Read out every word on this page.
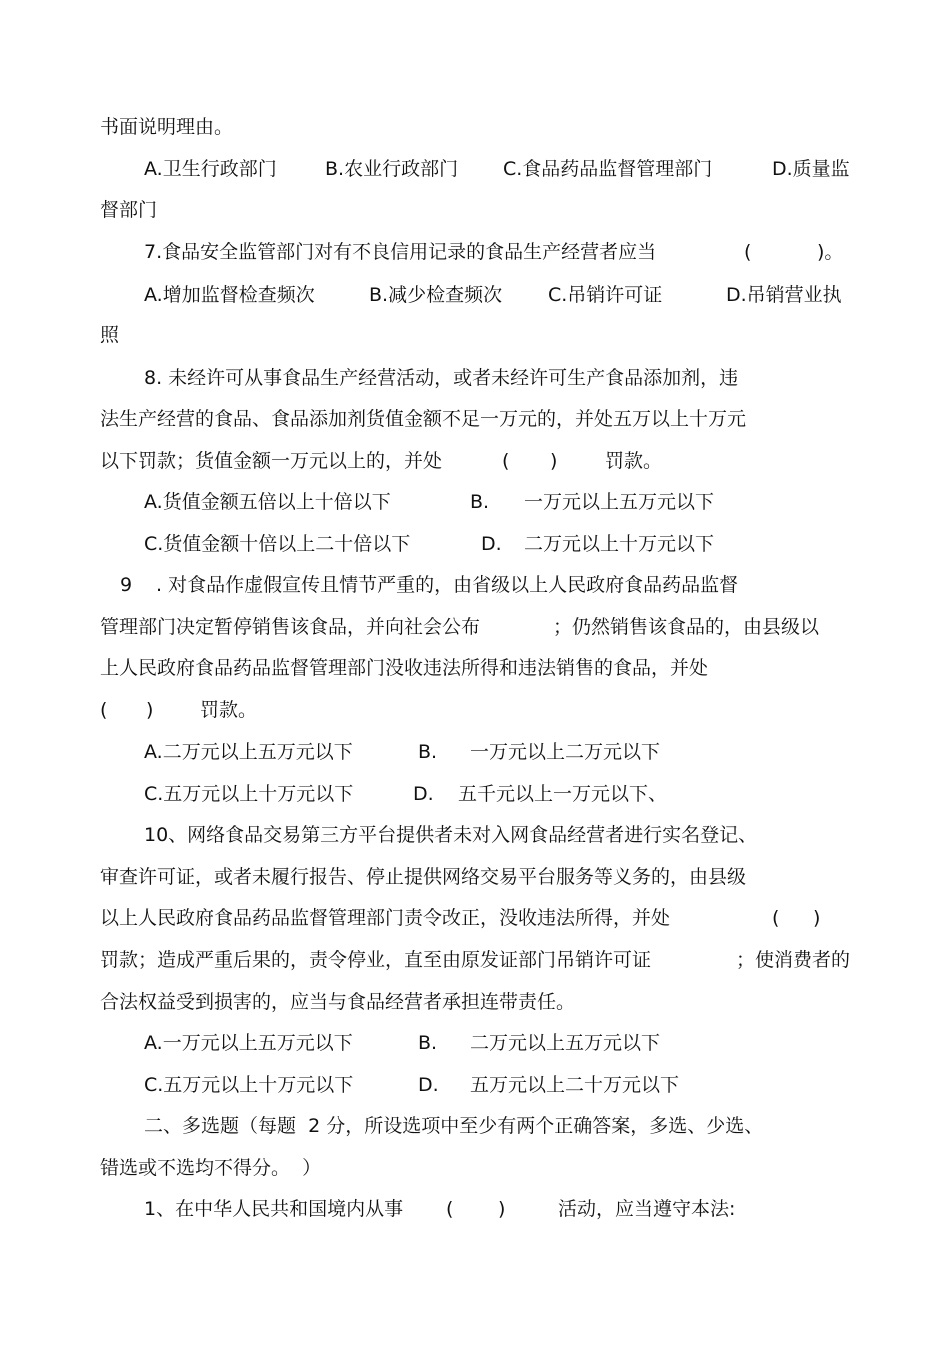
书面说明理由。
A.卫生行政部门	B.农业行政部门 C.食品药品监督管理部门	D.质量监
督部门
7.食品安全监管部门对有不良信用记录的食品生产经营者应当	(	)。
A.增加监督检查频次	B.减少检查频次 C.吊销许可证	D.吊销营业执
照
8. 未经许可从事食品生产经营活动，或者未经许可生产食品添加剂，违
法生产经营的食品、食品添加剂货值金额不足一万元的，并处五万以上十万元
以下罚款；货值金额一万元以上的，并处	( )	罚款。
A.货值金额五倍以上十倍以下	B. 一万元以上五万元以下
C.货值金额十倍以上二十倍以下	D. 二万元以上十万元以下
9 . 对食品作虚假宣传且情节严重的，由省级以上人民政府食品药品监督
管理部门决定暂停销售该食品，并向社会公布	；仍然销售该食品的，由县级以
上人民政府食品药品监督管理部门没收违法所得和违法销售的食品，并处
( ) 罚款。
A.二万元以上五万元以下	B. 一万元以上二万元以下
C.五万元以上十万元以下	D. 五千元以上一万元以下、
10、网络食品交易第三方平台提供者未对入网食品经营者进行实名登记、
审查许可证，或者未履行报告、停止提供网络交易平台服务等义务的，由县级
以上人民政府食品药品监督管理部门责令改正，没收违法所得，并处	( )
罚款；造成严重后果的，责令停业，直至由原发证部门吊销许可证	；使消费者的
合法权益受到损害的，应当与食品经营者承担连带责任。
A.一万元以上五万元以下	B. 二万元以上五万元以下
C.五万元以上十万元以下	D. 五万元以上二十万元以下
二、多选题（每题  2 分，所设选项中至少有两个正确答案，多选、少选、
错选或不选均不得分。  ）
1、在中华人民共和国境内从事 ( )	活动，应当遵守本法:
